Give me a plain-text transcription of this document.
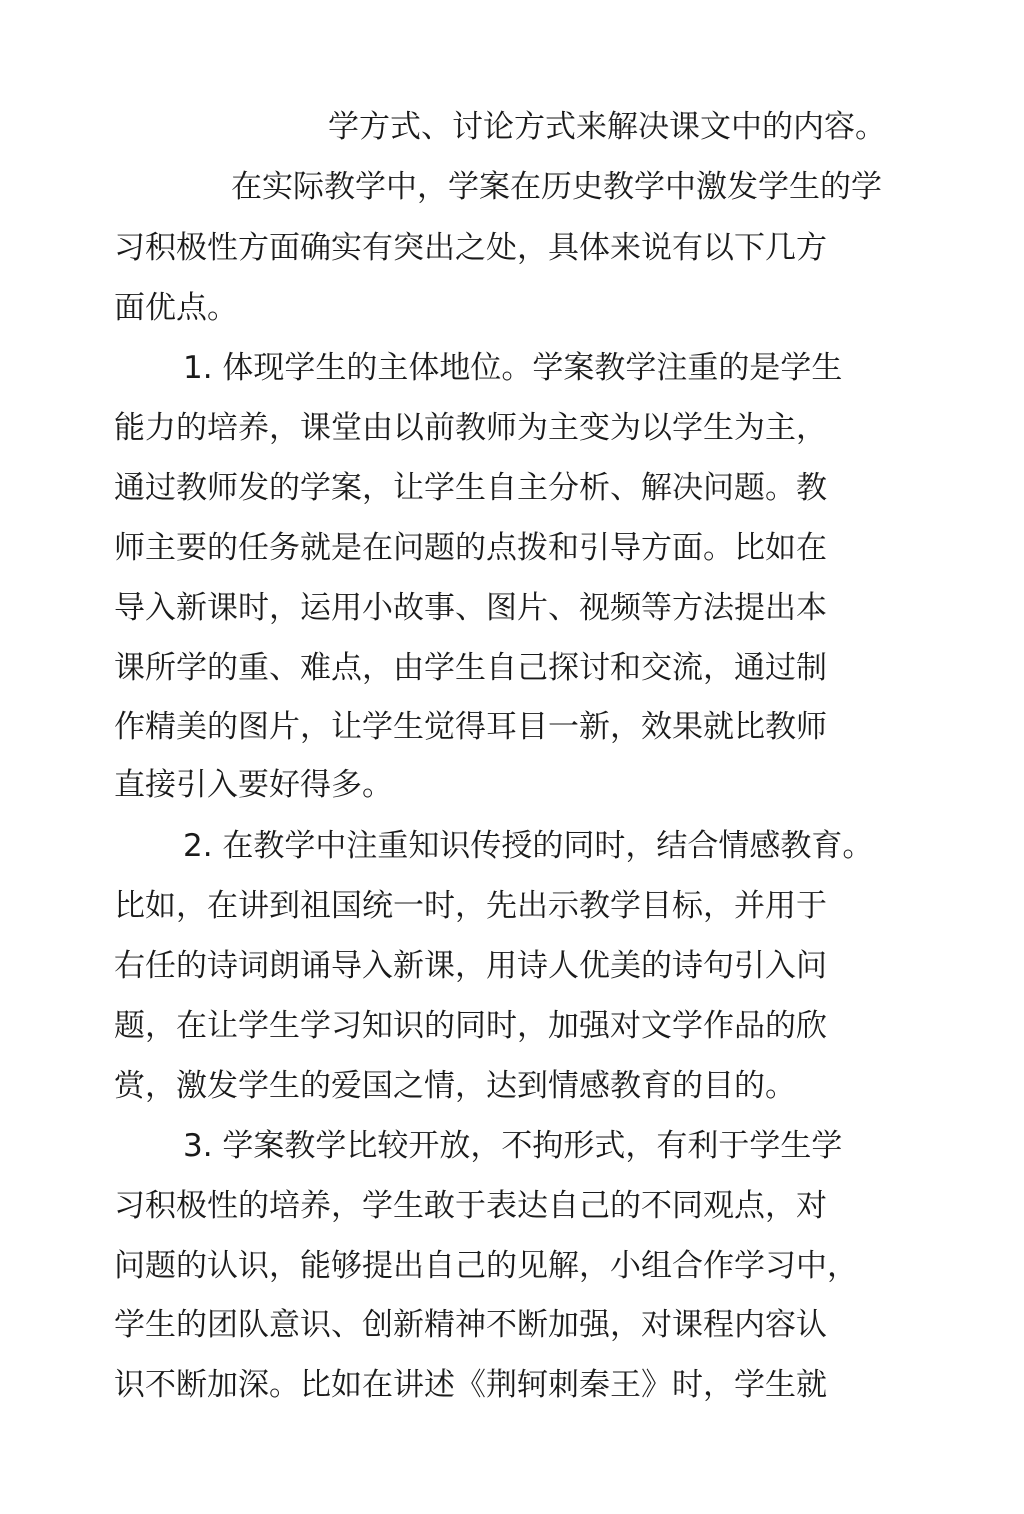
学方式、讨论方式来解决课文中的内容。
在实际教学中，学案在历史教学中激发学生的学
习积极性方面确实有突出之处，具体来说有以下几方
面优点。
1. 体现学生的主体地位。学案教学注重的是学生
能力的培养，课堂由以前教师为主变为以学生为主，
通过教师发的学案，让学生自主分析、解决问题。教
师主要的任务就是在问题的点拨和引导方面。比如在
导入新课时，运用小故事、图片、视频等方法提出本
课所学的重、难点，由学生自己探讨和交流，通过制
作精美的图片，让学生觉得耳目一新，效果就比教师
直接引入要好得多。
2. 在教学中注重知识传授的同时，结合情感教育。
比如，在讲到祖国统一时，先出示教学目标，并用于
右任的诗词朗诵导入新课，用诗人优美的诗句引入问
题，在让学生学习知识的同时，加强对文学作品的欣
赏，激发学生的爱国之情，达到情感教育的目的。
3. 学案教学比较开放，不拘形式，有利于学生学
习积极性的培养，学生敢于表达自己的不同观点，对
问题的认识，能够提出自己的见解，小组合作学习中，
学生的团队意识、创新精神不断加强，对课程内容认
识不断加深。比如在讲述《荆轲刺秦王》时，学生就
